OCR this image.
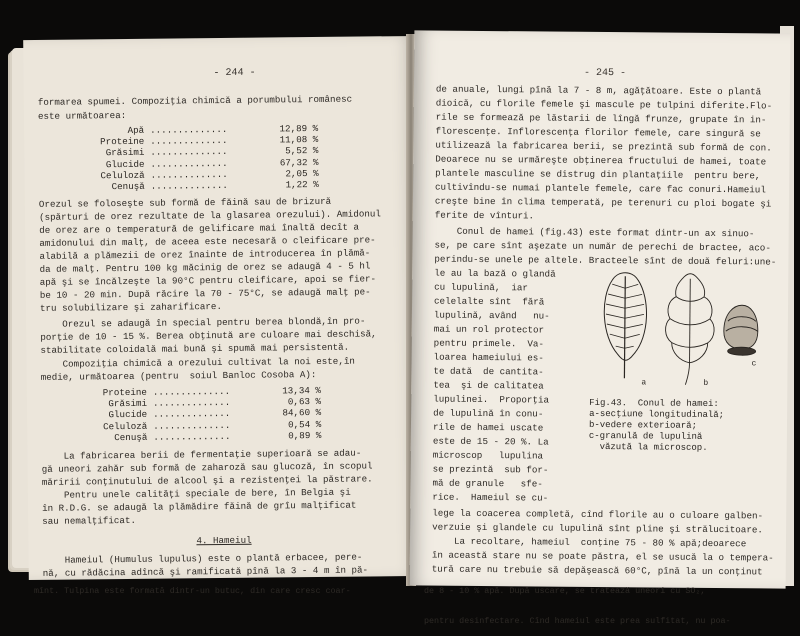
- 244 -
formarea spumei. Compoziţia chimică a porumbului românesc
este următoarea:
Apă ..............	12,89 %
Proteine ..............	11,08 %
Grăsimi ..............	5,52 %
Glucide ..............	67,32 %
Celuloză ..............	2,05 %
Cenuşă ..............	1,22 %
Orezul se foloseşte sub formă de făină sau de brizură
(spărturi de orez rezultate de la glasarea orezului). Amidonul
de orez are o temperatură de gelificare mai înaltă decît a
amidonului din malţ, de aceea este necesară o cleificare pre-
alabilă a plămezii de orez înainte de introducerea în plămă-
da de malţ. Pentru 100 kg măcinig de orez se adaugă 4 - 5 hl
apă şi se încălzeşte la 90°C pentru cleificare, apoi se fier-
be 10 - 20 min. După răcire la 70 - 75°C, se adaugă malţ pe-
tru solubilizare şi zaharificare.
Orezul se adaugă în special pentru berea blondă,în pro-
porţie de 10 - 15 %. Berea obţinută are culoare mai deschisă,
stabilitate coloidală mai bună şi spumă mai persistentă.
Compoziţia chimică a orezului cultivat la noi este,în
medie, următoarea (pentru  soiul Banloc Cosoba A):
Proteine ..............	13,34 %
Grăsimi ..............	0,63 %
Glucide ..............	84,60 %
Celuloză ..............	0,54 %
Cenuşă ..............	0,89 %
La fabricarea berii de fermentaţie superioară se adau-
gă uneori zahăr sub formă de zaharoză sau glucoză, în scopul
măririi conţinutului de alcool şi a rezistenţei la păstrare.
Pentru unele calităţi speciale de bere, în Belgia şi
în R.D.G. se adaugă la plămădire făină de grîu malţificat
sau nemalţificat.
4. Hameiul
Hameiul (Humulus lupulus) este o plantă erbacee, pere-
nă, cu rădăcina adîncă şi ramificată pînă la 3 - 4 m în pă-
- 245 -
de anuale, lungi pînă la 7 - 8 m, agăţătoare. Este o plantă
dioică, cu florile femele şi mascule pe tulpini diferite.Flo-
rile se formează pe lăstarii de lîngă frunze, grupate în in-
florescenţe. Inflorescenţa florilor femele, care singură se
utilizează la fabricarea berii, se prezintă sub formă de con.
Deoarece nu se urmăreşte obţinerea fructului de hamei, toate
plantele masculine se distrug din plantaţiile  pentru bere,
cultivîndu-se numai plantele femele, care fac conuri.Hameiul
creşte bine în clima temperată, pe terenuri cu ploi bogate şi
ferite de vînturi.
Conul de hamei (fig.43) este format dintr-un ax sinuo-
se, pe care sînt aşezate un număr de perechi de bractee, aco-
perindu-se unele pe altele. Bracteele sînt de două feluri:une-
le au la bază o glandă
cu lupulină,  iar
celelalte sînt  fără
lupulină, având   nu-
mai un rol protector
pentru primele.  Va-
loarea hameiului es-
te dată  de cantita-
tea  şi de calitatea
lupulinei.  Proporţia
de lupulină în conu-
rile de hamei uscate
este de 15 - 20 %. La
microscop   lupulina
se prezintă  sub for-
mă de granule   sfe-
rice.  Hameiul se cu-
a	b
c
Fig.43.  Conul de hamei:
a-secţiune longitudinală;
b-vedere exterioară;
c-granulă de lupulină
văzută la microscop.
lege la coacerea completă, cînd florile au o culoare galben-
verzuie şi glandele cu lupulină sînt pline şi strălucitoare.
La recoltare, hameiul  conţine 75 - 80 % apă;deoarece
în această stare nu se poate păstra, el se usucă la o tempera-
tură care nu trebuie să depăşească 60°C, pînă la un conţinut

mînt. Tulpina este formată dintr-un butuc, din care cresc coar-

	de 8 - 10 % apă. După uscare, se tratează uneori cu SO₂,

pentru desinfectare. Cînd hameiul este prea sulfitat, nu poa-
